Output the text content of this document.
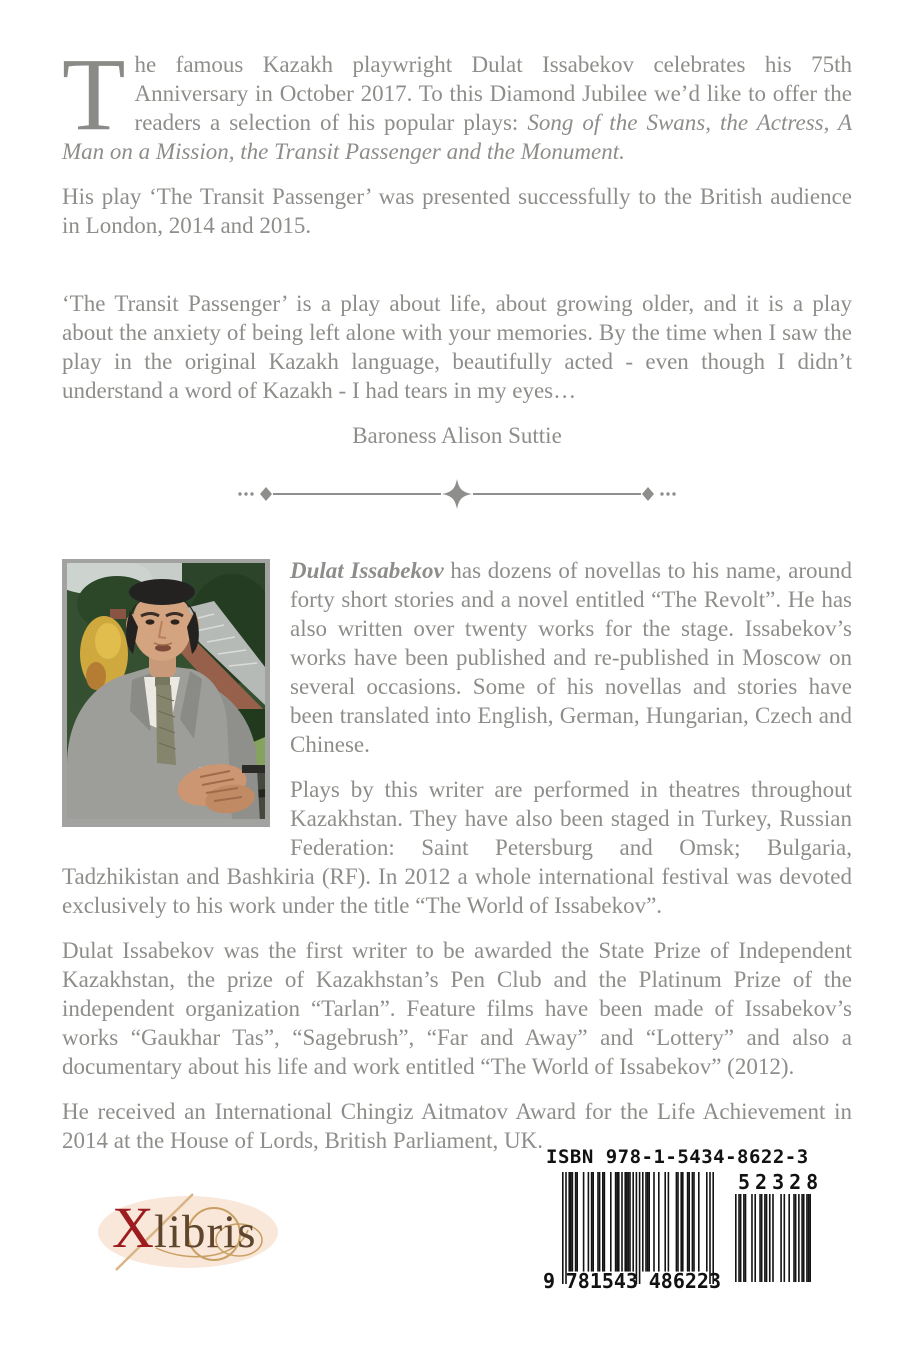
The famous Kazakh playwright Dulat Issabekov celebrates his 75th Anniversary in October 2017. To this Diamond Jubilee we’d like to offer the readers a selection of his popular plays: Song of the Swans, the Actress, A Man on a Mission, the Transit Passenger and the Monument.

His play ‘The Transit Passenger’ was presented successfully to the British audience in London, 2014 and 2015.

‘The Transit Passenger’ is a play about life, about growing older, and it is a play about the anxiety of being left alone with your memories. By the time when I saw the play in the original Kazakh language, beautifully acted - even though I didn’t understand a word of Kazakh - I had tears in my eyes…

Baroness Alison Suttie

Dulat Issabekov has dozens of novellas to his name, around forty short stories and a novel entitled “The Revolt”. He has also written over twenty works for the stage. Issabekov’s works have been published and re-published in Moscow on several occasions. Some of his novellas and stories have been translated into English, German, Hungarian, Czech and Chinese.

Plays by this writer are performed in theatres throughout Kazakhstan. They have also been staged in Turkey, Russian Federation: Saint Petersburg and Omsk; Bulgaria, Tadzhikistan and Bashkiria (RF). In 2012 a whole international festival was devoted exclusively to his work under the title “The World of Issabekov”.

Dulat Issabekov was the first writer to be awarded the State Prize of Independent Kazakhstan, the prize of Kazakhstan’s Pen Club and the Platinum Prize of the independent organization “Tarlan”. Feature films have been made of Issabekov’s works “Gaukhar Tas”, “Sagebrush”, “Far and Away” and “Lottery” and also a documentary about his life and work entitled “The World of Issabekov” (2012).

He received an International Chingiz Aitmatov Award for the Life Achievement in 2014 at the House of Lords, British Parliament, UK.

Xlibris
ISBN 978-1-5434-8622-3
9 781543 486223
52328
